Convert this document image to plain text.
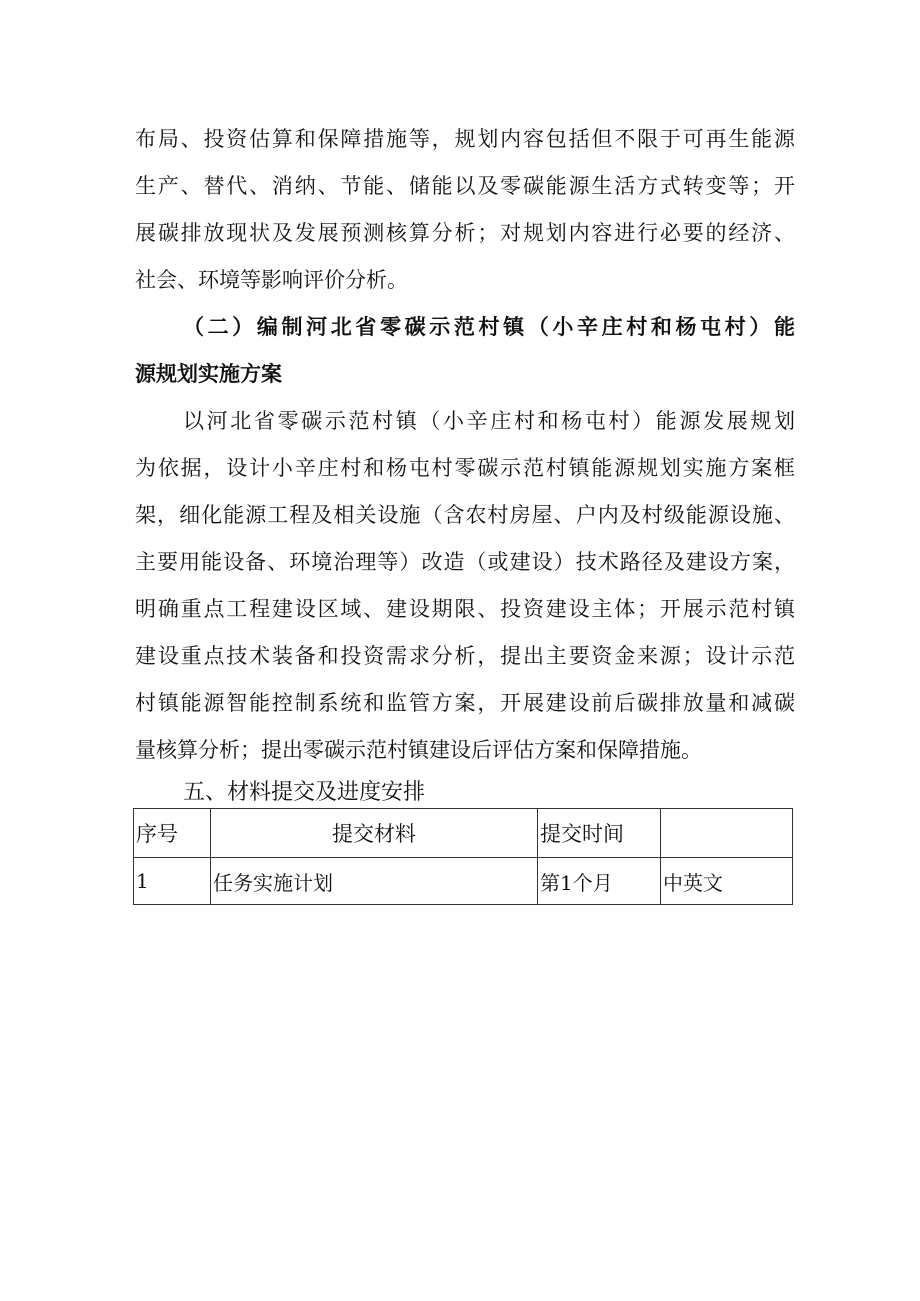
布局、投资估算和保障措施等，规划内容包括但不限于可再生能源
生产、替代、消纳、节能、储能以及零碳能源生活方式转变等；开
展碳排放现状及发展预测核算分析；对规划内容进行必要的经济、
社会、环境等影响评价分析。
（二）编制河北省零碳示范村镇（小辛庄村和杨屯村）能
源规划实施方案
以河北省零碳示范村镇（小辛庄村和杨屯村）能源发展规划
为依据，设计小辛庄村和杨屯村零碳示范村镇能源规划实施方案框
架，细化能源工程及相关设施（含农村房屋、户内及村级能源设施、
主要用能设备、环境治理等）改造（或建设）技术路径及建设方案，
明确重点工程建设区域、建设期限、投资建设主体；开展示范村镇
建设重点技术装备和投资需求分析，提出主要资金来源；设计示范
村镇能源智能控制系统和监管方案，开展建设前后碳排放量和减碳
量核算分析；提出零碳示范村镇建设后评估方案和保障措施。
五、材料提交及进度安排
序号	提交材料	提交时间	
1	任务实施计划	第1个月	中英文
